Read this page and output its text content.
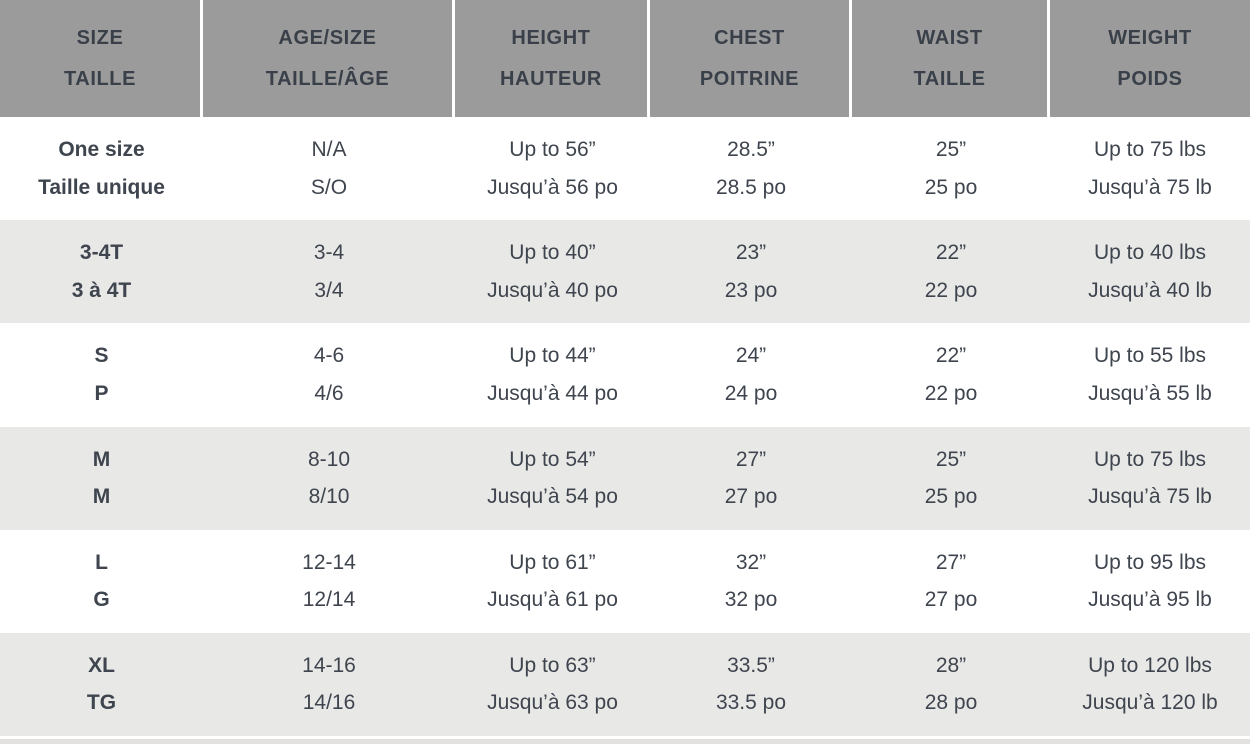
SIZE
TAILLE
AGE/SIZE
TAILLE/ÂGE
HEIGHT
HAUTEUR
CHEST
POITRINE
WAIST
TAILLE
WEIGHT
POIDS
One size
Taille unique
N/A
S/O
Up to 56”
Jusqu’à 56 po
28.5”
28.5 po
25”
25 po
Up to 75 lbs
Jusqu’à 75 lb
3-4T
3 à 4T
3-4
3/4
Up to 40”
Jusqu’à 40 po
23”
23 po
22”
22 po
Up to 40 lbs
Jusqu’à 40 lb
S
P
4-6
4/6
Up to 44”
Jusqu’à 44 po
24”
24 po
22”
22 po
Up to 55 lbs
Jusqu’à 55 lb
M
M
8-10
8/10
Up to 54”
Jusqu’à 54 po
27”
27 po
25”
25 po
Up to 75 lbs
Jusqu’à 75 lb
L
G
12-14
12/14
Up to 61”
Jusqu’à 61 po
32”
32 po
27”
27 po
Up to 95 lbs
Jusqu’à 95 lb
XL
TG
14-16
14/16
Up to 63”
Jusqu’à 63 po
33.5”
33.5 po
28”
28 po
Up to 120 lbs
Jusqu’à 120 lb
